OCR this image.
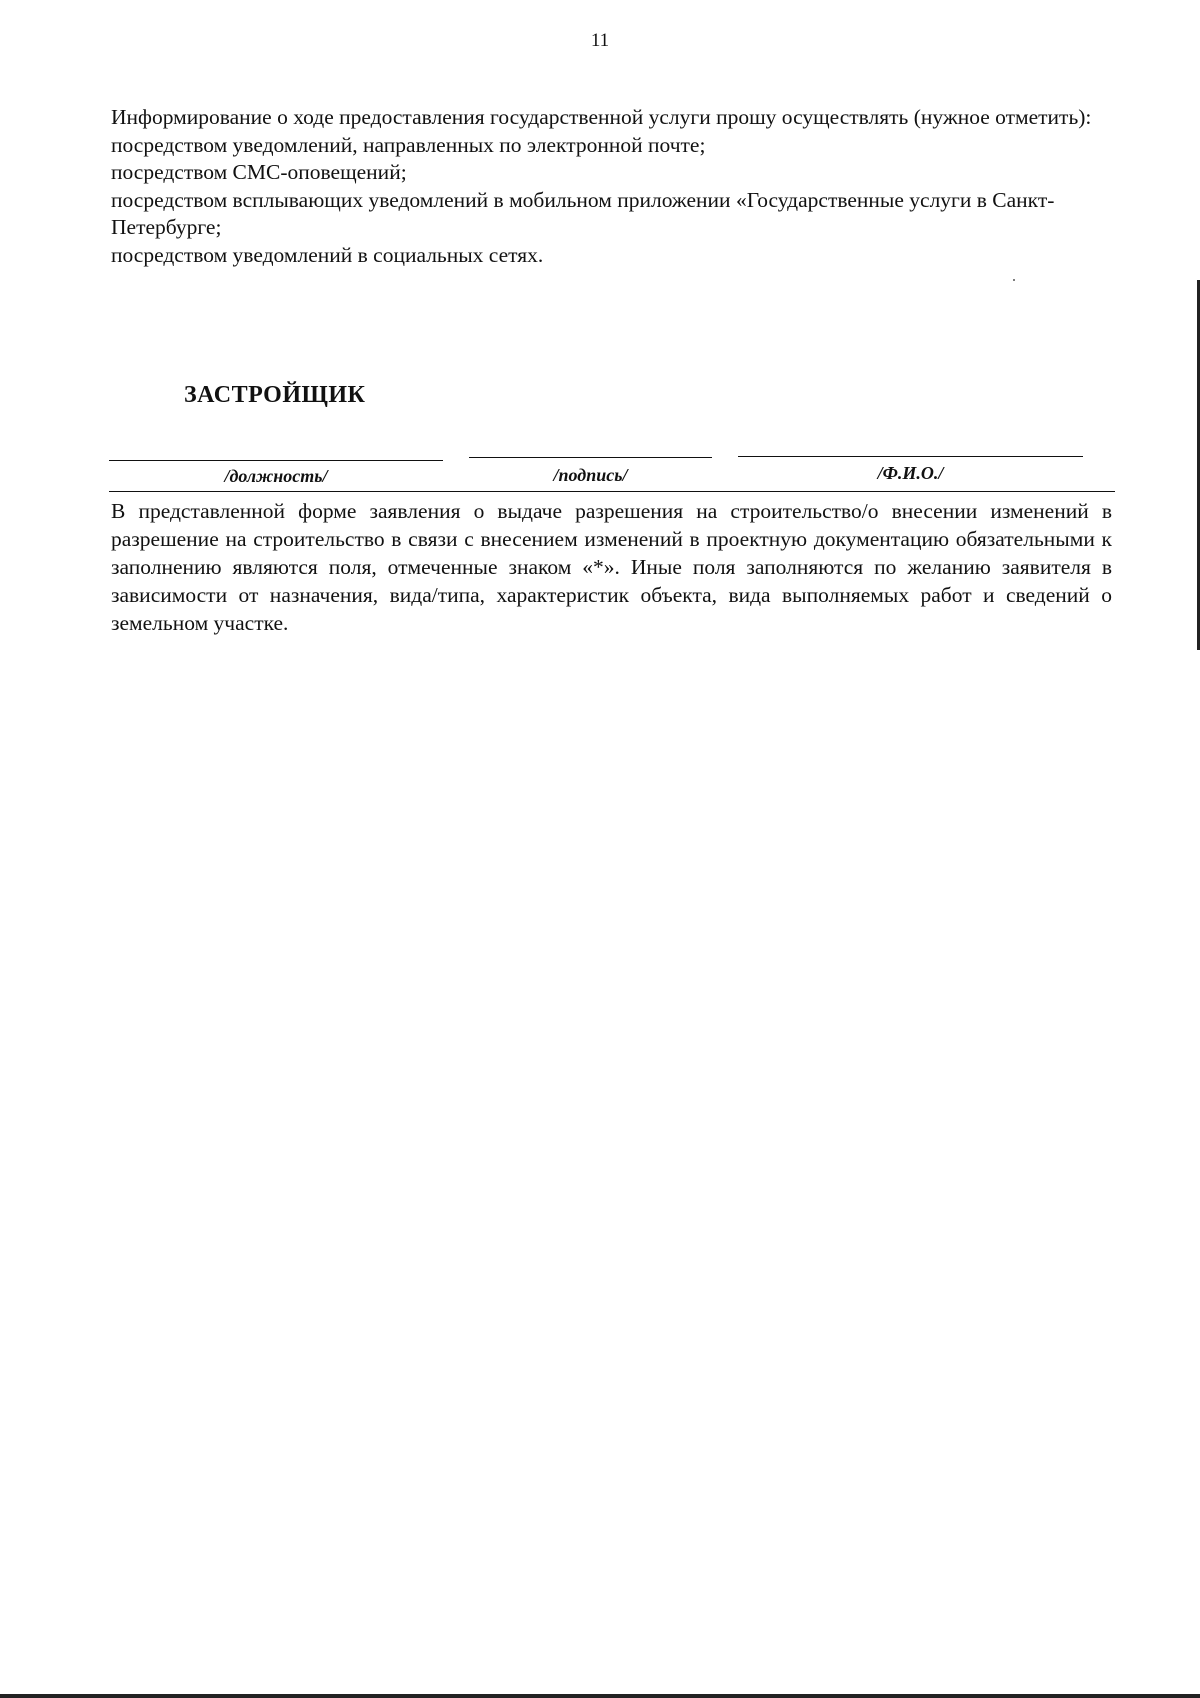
11

Информирование о ходе предоставления государственной услуги прошу осуществлять (нужное отметить):

посредством уведомлений, направленных по электронной почте;

посредством СМС-оповещений;

посредством всплывающих уведомлений в мобильном приложении «Государственные услуги в Санкт-Петербурге;

посредством уведомлений в социальных сетях.

ЗАСТРОЙЩИК
/должность/	/подпись/	/Ф.И.О./

В представленной форме заявления о выдаче разрешения на строительство/о внесении изменений в разрешение на строительство в связи с внесением изменений в проектную документацию обязательными к заполнению являются поля, отмеченные знаком «*». Иные поля заполняются по желанию заявителя в зависимости от назначения, вида/типа, характеристик объекта, вида выполняемых работ и сведений о земельном участке.
